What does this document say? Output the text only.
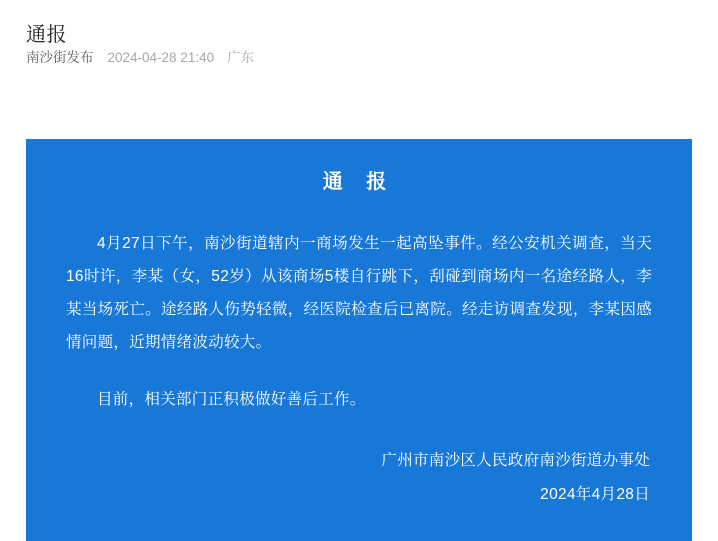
通报
南沙街发布 2024-04-28 21:40 广东
通 报

4月27日下午，南沙街道辖内一商场发生一起高坠事件。经公安机关调查，当天16时许，李某（女，52岁）从该商场5楼自行跳下，刮碰到商场内一名途经路人，李某当场死亡。途经路人伤势轻微，经医院检查后已离院。经走访调查发现，李某因感情问题，近期情绪波动较大。

目前，相关部门正积极做好善后工作。

广州市南沙区人民政府南沙街道办事处
2024年4月28日
